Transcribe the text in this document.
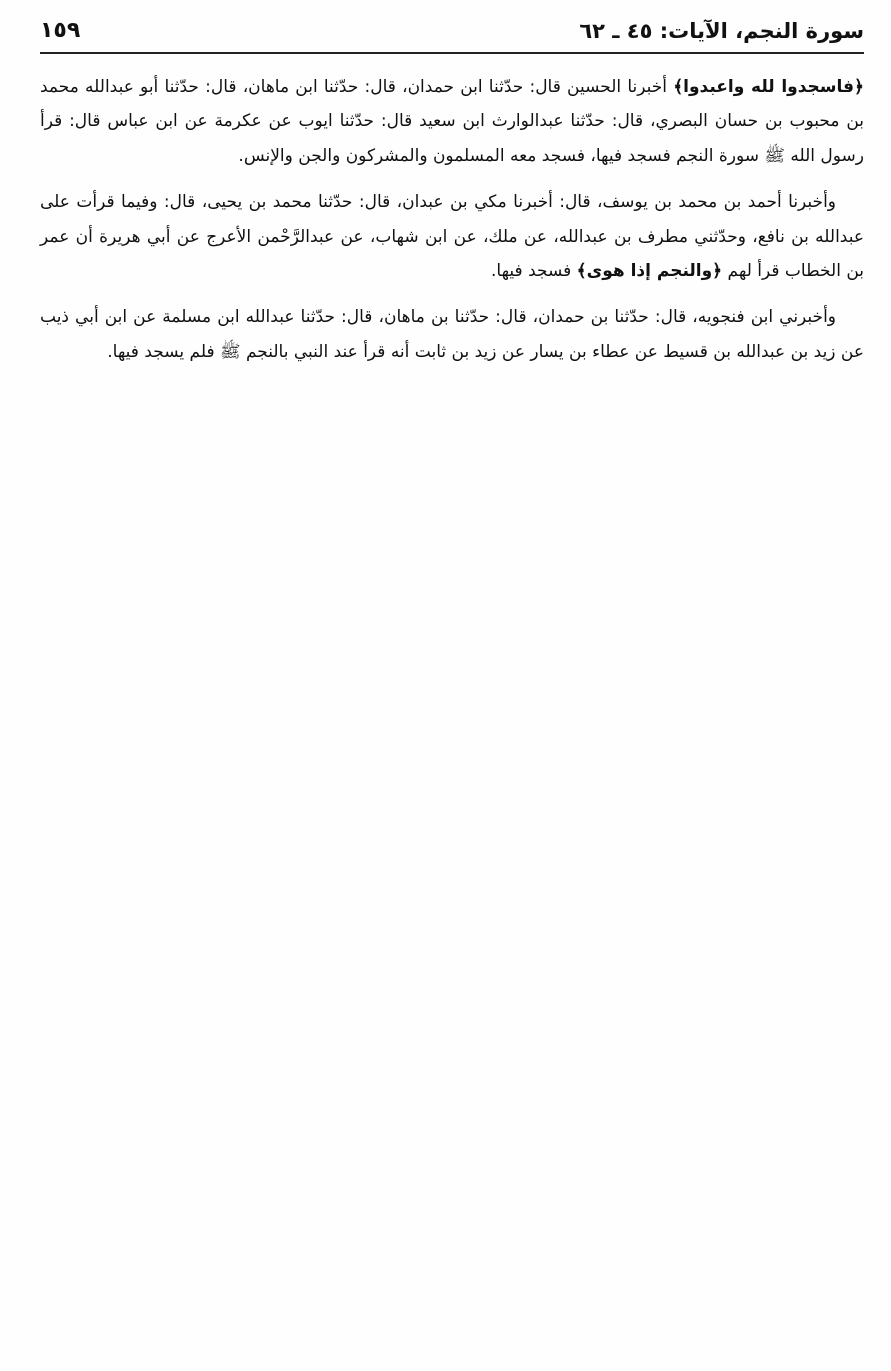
سورة النجم، الآيات: ٤٥ ـ ٦٢
١٥٩

﴿فاسجدوا لله واعبدوا﴾ أخبرنا الحسين قال: حدّثنا ابن حمدان، قال: حدّثنا ابن ماهان، قال: حدّثنا أبو عبدالله محمد بن محبوب بن حسان البصري، قال: حدّثنا عبدالوارث ابن سعيد قال: حدّثنا ايوب عن عكرمة عن ابن عباس قال: قرأ رسول الله ﷺ سورة النجم فسجد فيها، فسجد معه المسلمون والمشركون والجن والإنس.

وأخبرنا أحمد بن محمد بن يوسف، قال: أخبرنا مكي بن عبدان، قال: حدّثنا محمد بن يحيى، قال: وفيما قرأت على عبدالله بن نافع، وحدّثني مطرف بن عبدالله، عن ملك، عن ابن شهاب، عن عبدالرَّحْمن الأعرج عن أبي هريرة أن عمر بن الخطاب قرأ لهم ﴿والنجم إذا هوى﴾ فسجد فيها.

وأخبرني ابن فنجويه، قال: حدّثنا بن حمدان، قال: حدّثنا بن ماهان، قال: حدّثنا عبدالله ابن مسلمة عن ابن أبي ذيب عن زيد بن عبدالله بن قسيط عن عطاء بن يسار عن زيد بن ثابت أنه قرأ عند النبي بالنجم ﷺ فلم يسجد فيها.
